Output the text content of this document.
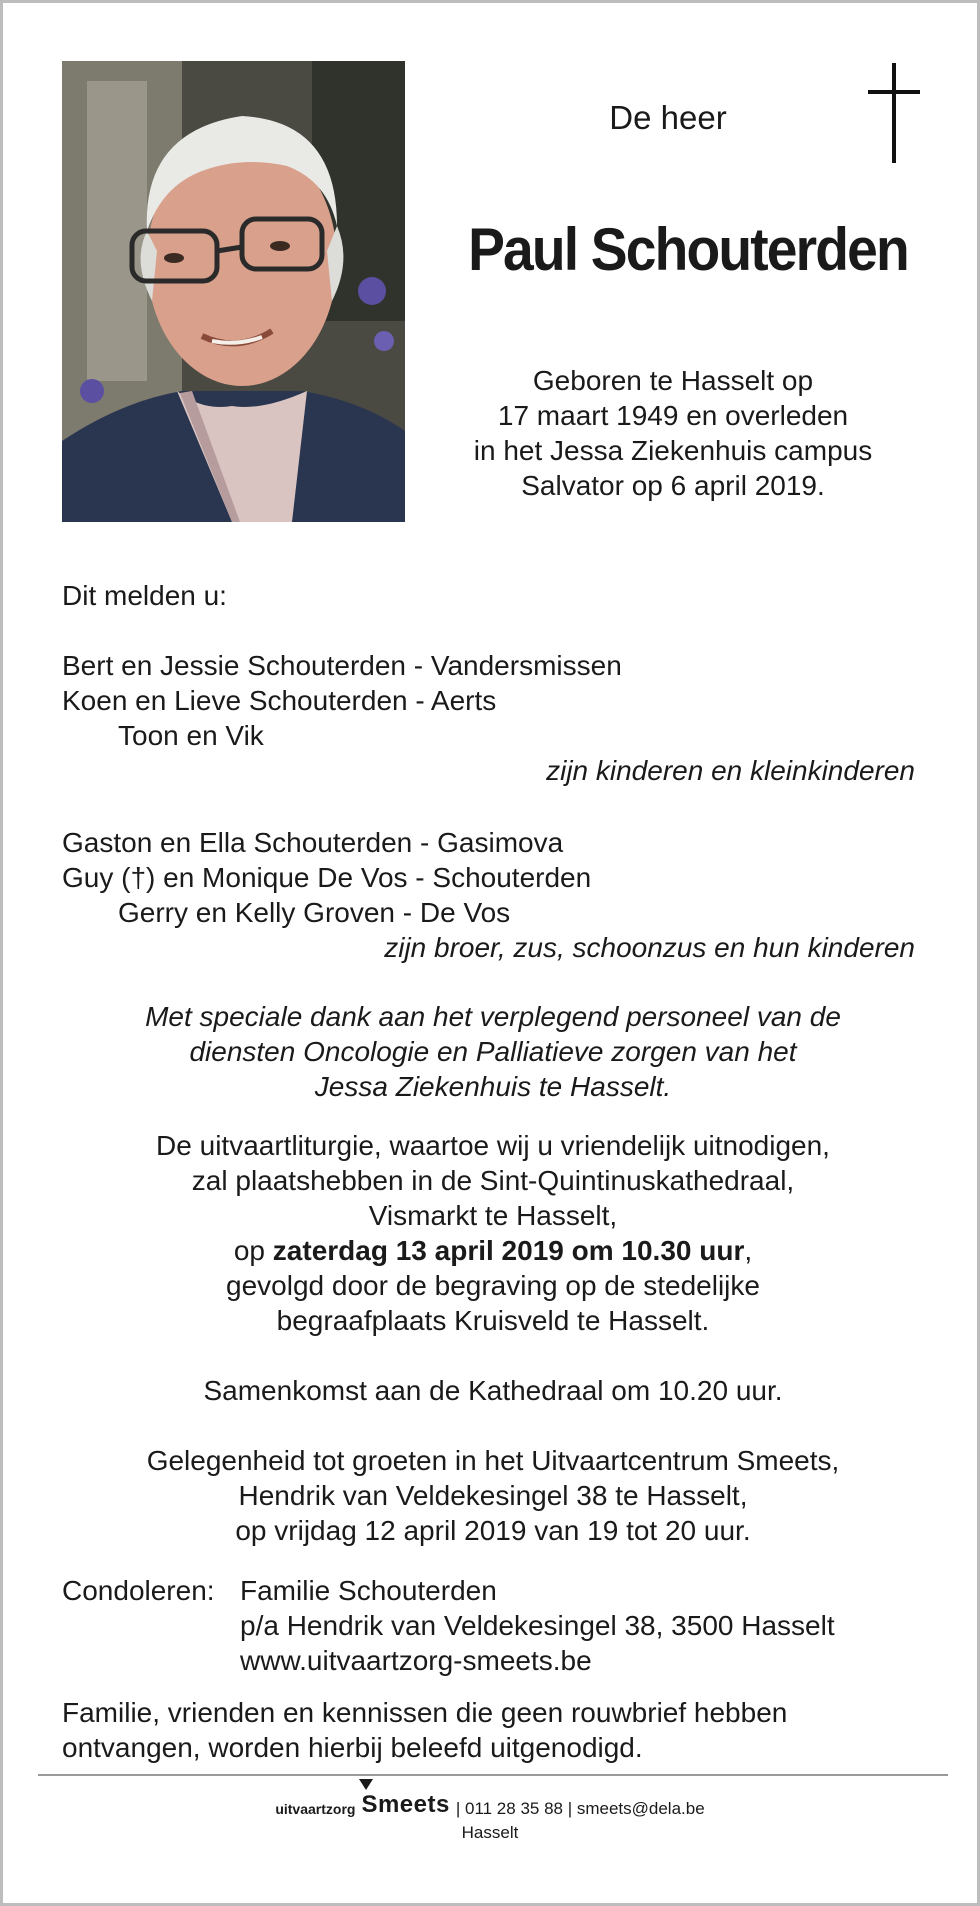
De heer
Paul Schouterden
Geboren te Hasselt op
17 maart 1949 en overleden
in het Jessa Ziekenhuis campus
Salvator op 6 april 2019.
Dit melden u:
Bert en Jessie Schouterden - Vandersmissen
Koen en Lieve Schouterden - Aerts
Toon en Vik
zijn kinderen en kleinkinderen
Gaston en Ella Schouterden - Gasimova
Guy (†) en Monique De Vos - Schouterden
Gerry en Kelly Groven - De Vos
zijn broer, zus, schoonzus en hun kinderen
Met speciale dank aan het verplegend personeel van de
diensten Oncologie en Palliatieve zorgen van het
Jessa Ziekenhuis te Hasselt.
De uitvaartliturgie, waartoe wij u vriendelijk uitnodigen,
zal plaatshebben in de Sint-Quintinuskathedraal,
Vismarkt te Hasselt,
op zaterdag 13 april 2019 om 10.30 uur,
gevolgd door de begraving op de stedelijke
begraafplaats Kruisveld te Hasselt.
Samenkomst aan de Kathedraal om 10.20 uur.
Gelegenheid tot groeten in het Uitvaartcentrum Smeets,
Hendrik van Veldekesingel 38 te Hasselt,
op vrijdag 12 april 2019 van 19 tot 20 uur.
Condoleren: Familie Schouterden
p/a Hendrik van Veldekesingel 38, 3500 Hasselt
www.uitvaartzorg-smeets.be
Familie, vrienden en kennissen die geen rouwbrief hebben
ontvangen, worden hierbij beleefd uitgenodigd.
uitvaartzorg Smeets | 011 28 35 88 | smeets@dela.be
Hasselt
